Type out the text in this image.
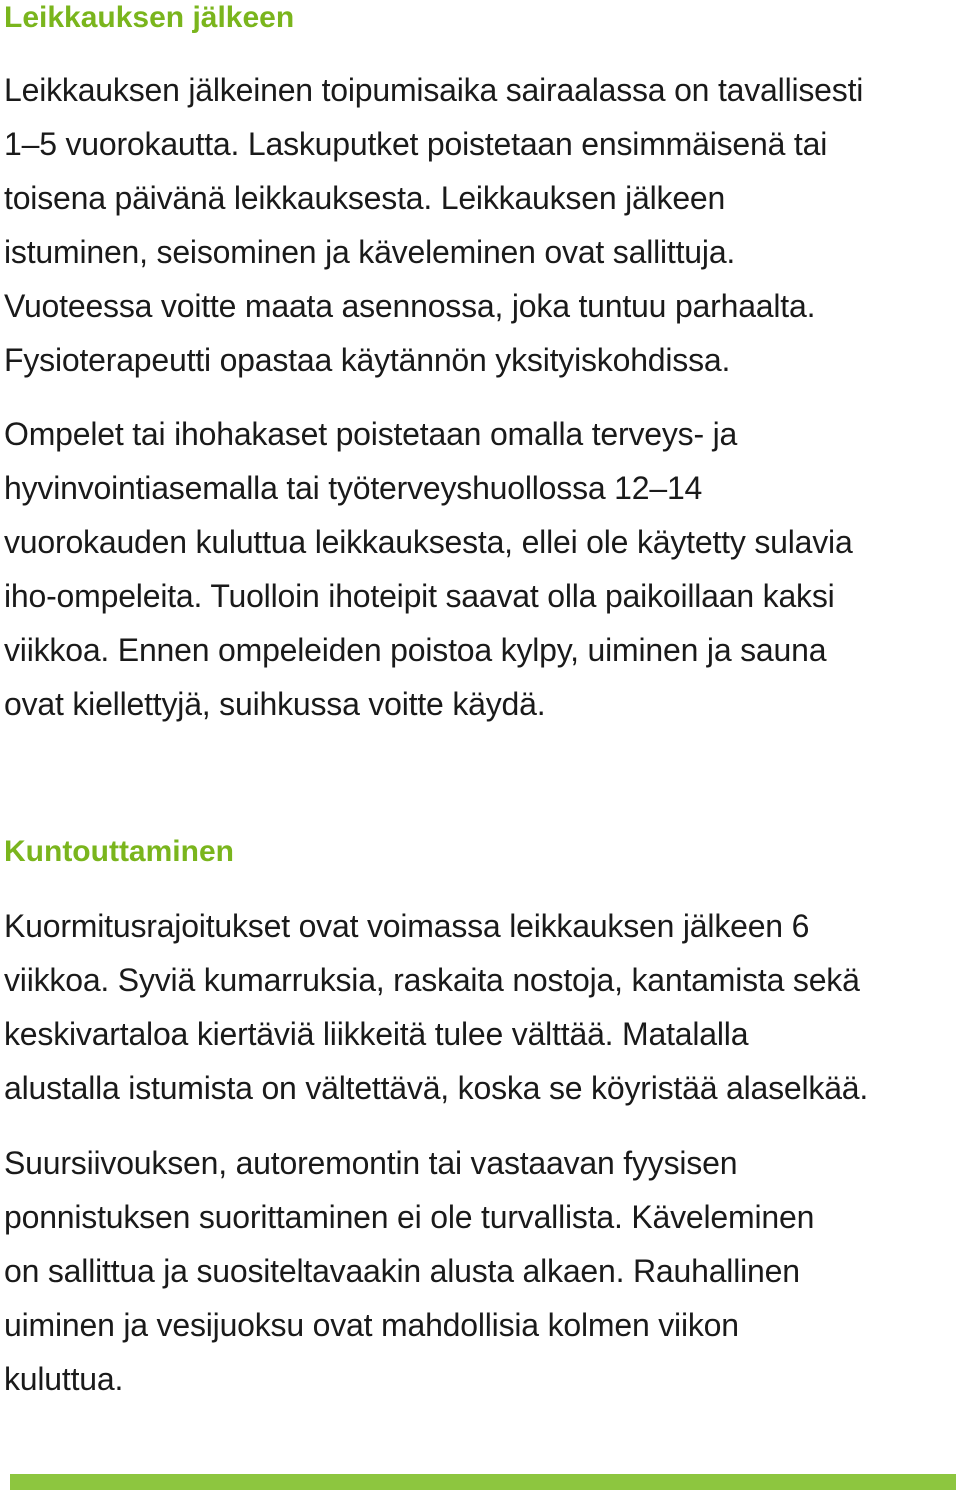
Leikkauksen jälkeen
Leikkauksen jälkeinen toipumisaika sairaalassa on tavallisesti
1–5 vuorokautta. Laskuputket poistetaan ensimmäisenä tai
toisena päivänä leikkauksesta. Leikkauksen jälkeen
istuminen, seisominen ja käveleminen ovat sallittuja.
Vuoteessa voitte maata asennossa, joka tuntuu parhaalta.
Fysioterapeutti opastaa käytännön yksityiskohdissa.
Ompelet tai ihohakaset poistetaan omalla terveys- ja
hyvinvointiasemalla tai työterveyshuollossa 12–14
vuorokauden kuluttua leikkauksesta, ellei ole käytetty sulavia
iho-ompeleita. Tuolloin ihoteipit saavat olla paikoillaan kaksi
viikkoa. Ennen ompeleiden poistoa kylpy, uiminen ja sauna
ovat kiellettyjä, suihkussa voitte käydä.
Kuntouttaminen
Kuormitusrajoitukset ovat voimassa leikkauksen jälkeen 6
viikkoa. Syviä kumarruksia, raskaita nostoja, kantamista sekä
keskivartaloa kiertäviä liikkeitä tulee välttää. Matalalla
alustalla istumista on vältettävä, koska se köyristää alaselkää.
Suursiivouksen, autoremontin tai vastaavan fyysisen
ponnistuksen suorittaminen ei ole turvallista. Käveleminen
on sallittua ja suositeltavaakin alusta alkaen. Rauhallinen
uiminen ja vesijuoksu ovat mahdollisia kolmen viikon
kuluttua.
